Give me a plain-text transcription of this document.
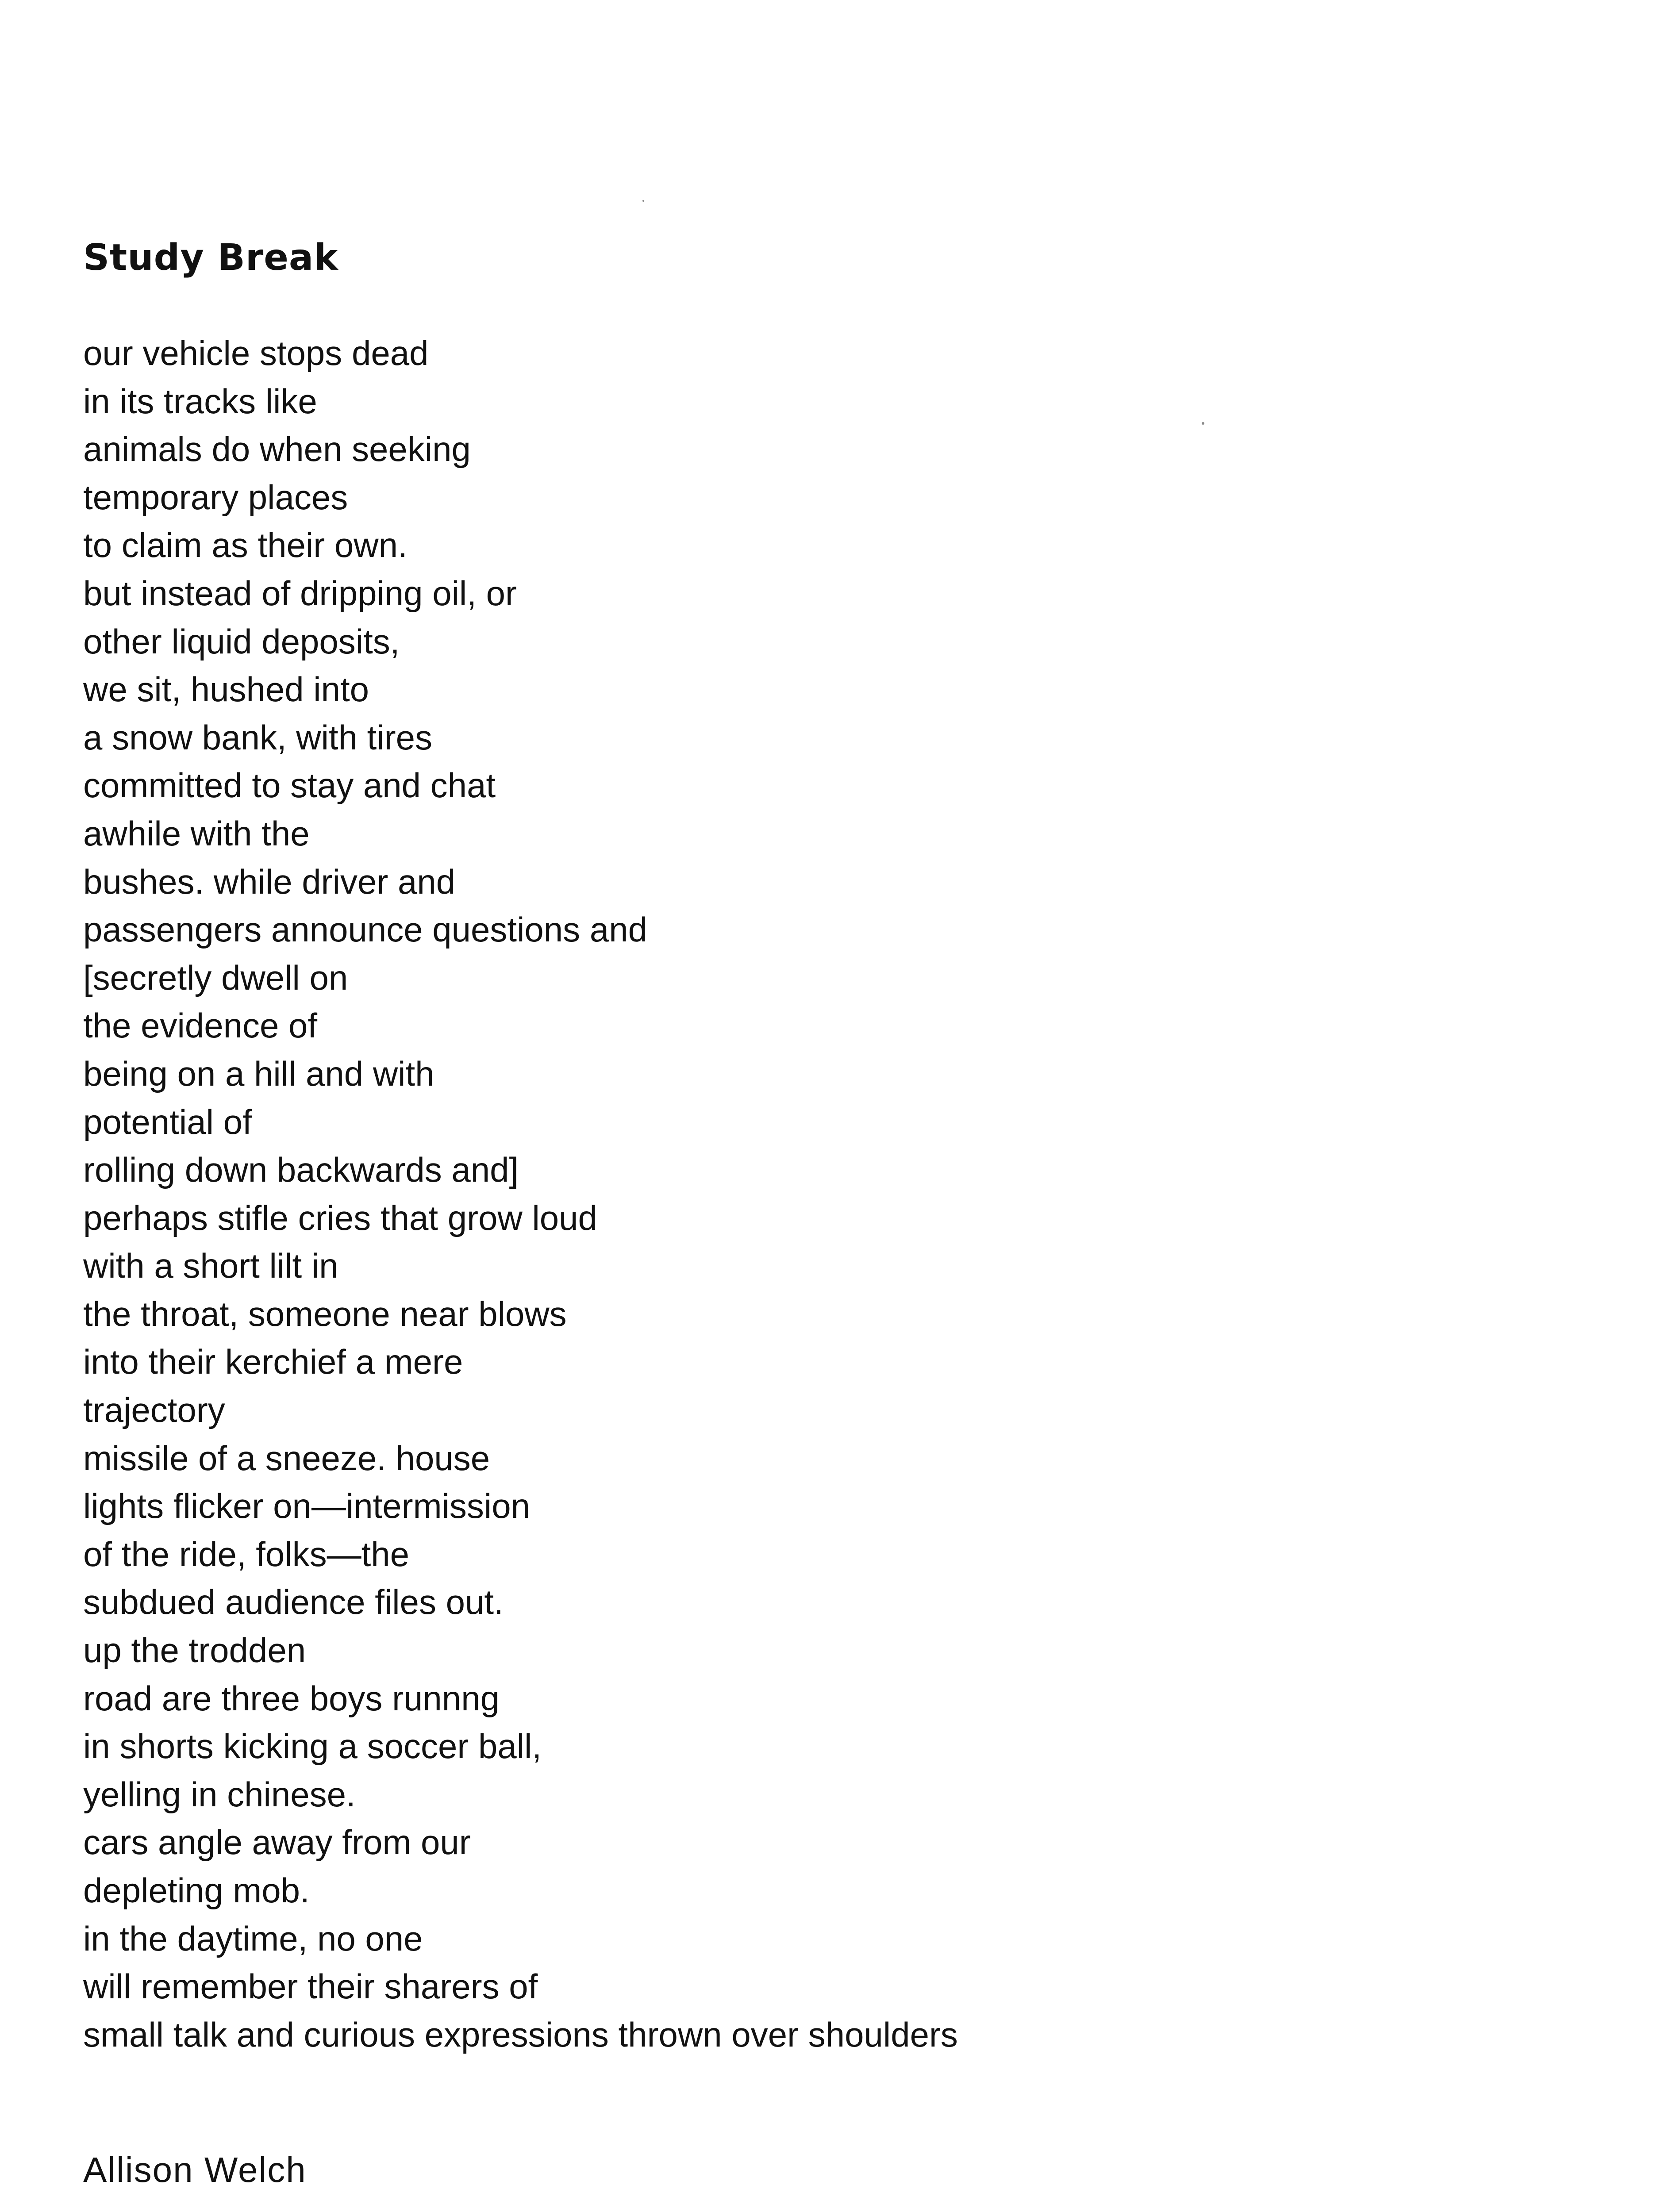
Study Break
our vehicle stops dead
in its tracks like
animals do when seeking
temporary places
to claim as their own.
but instead of dripping oil, or
other liquid deposits,
we sit, hushed into
a snow bank, with tires
committed to stay and chat
awhile with the
bushes. while driver and
passengers announce questions and
[secretly dwell on
the evidence of
being on a hill and with
potential of
rolling down backwards and]
perhaps stifle cries that grow loud
with a short lilt in
the throat, someone near blows
into their kerchief a mere
trajectory
missile of a sneeze. house
lights flicker on—intermission
of the ride, folks—the
subdued audience files out.
up the trodden
road are three boys runnng
in shorts kicking a soccer ball,
yelling in chinese.
cars angle away from our
depleting mob.
in the daytime, no one
will remember their sharers of
small talk and curious expressions thrown over shoulders

Allison Welch
